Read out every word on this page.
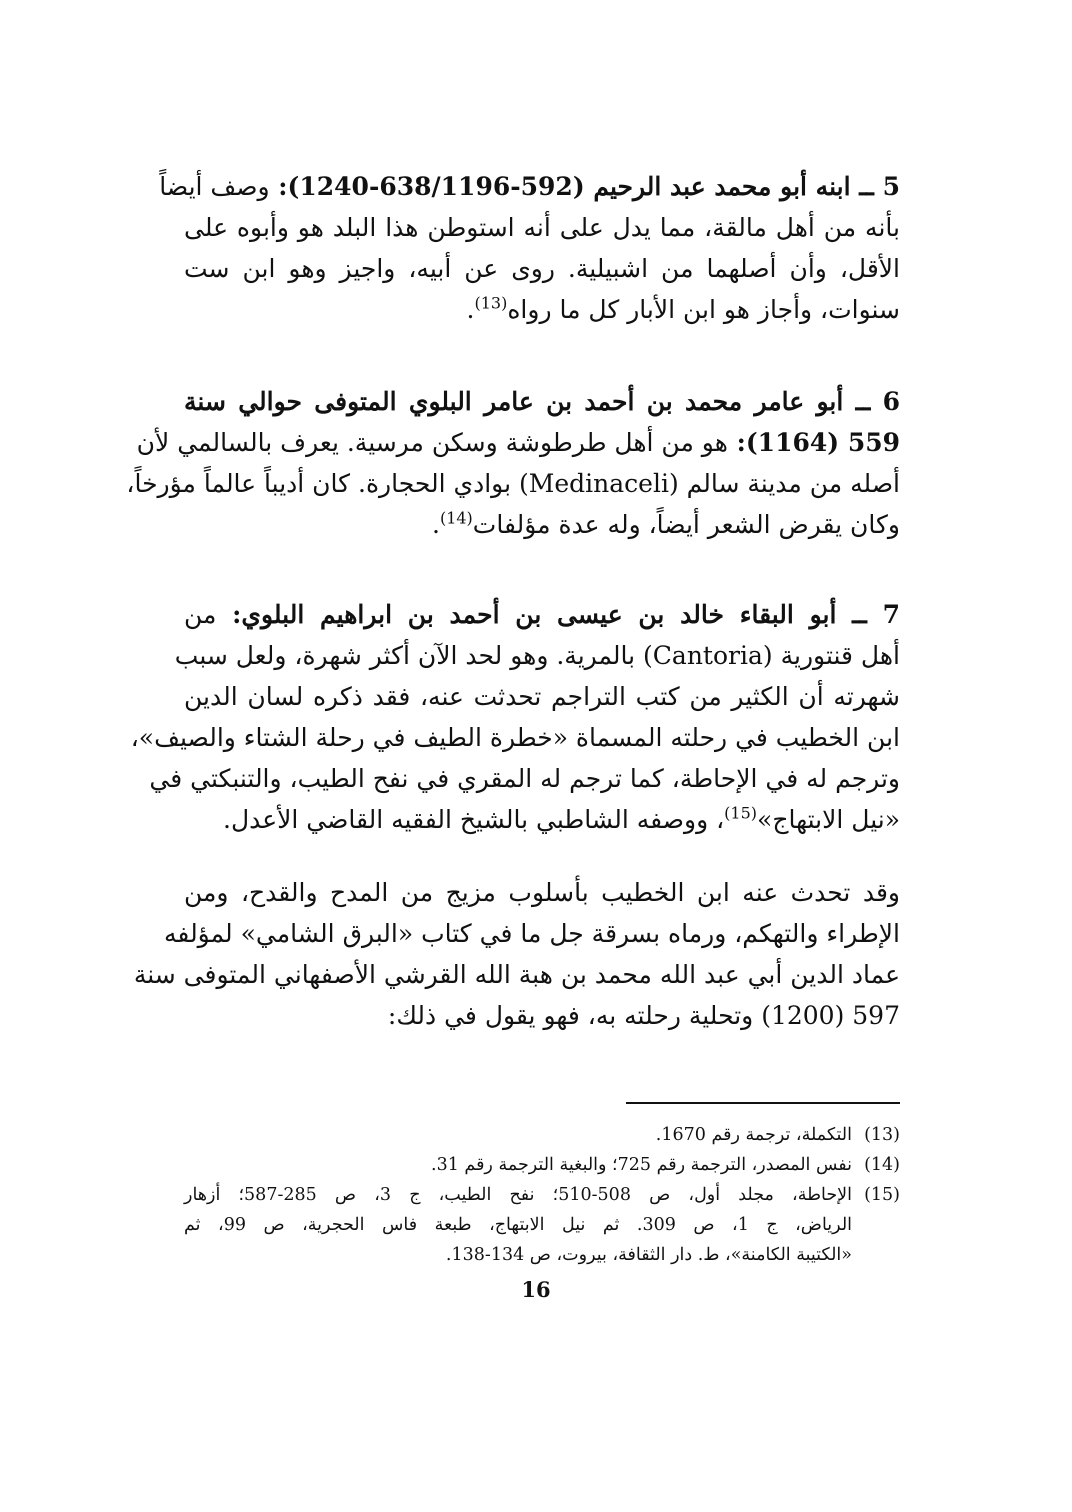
5 ــ ابنه أبو محمد عبد الرحيم (592-638/1196-1240): وصف أيضاً
بأنه من أهل مالقة، مما يدل على أنه استوطن هذا البلد هو وأبوه على
الأقل، وأن أصلهما من اشبيلية. روى عن أبيه، واجيز وهو ابن ست
سنوات، وأجاز هو ابن الأبار كل ما رواه$^{(13)}$.
6 ــ أبو عامر محمد بن أحمد بن عامر البلوي المتوفى حوالي سنة
559 (1164): هو من أهل طرطوشة وسكن مرسية. يعرف بالسالمي لأن
أصله من مدينة سالم (Medinaceli) بوادي الحجارة. كان أديباً عالماً مؤرخاً،
وكان يقرض الشعر أيضاً، وله عدة مؤلفات$^{(14)}$.
7 ــ أبو البقاء خالد بن عيسى بن أحمد بن ابراهيم البلوي: من
أهل قنتورية (Cantoria) بالمرية. وهو لحد الآن أكثر شهرة، ولعل سبب
شهرته أن الكثير من كتب التراجم تحدثت عنه، فقد ذكره لسان الدين
ابن الخطيب في رحلته المسماة «خطرة الطيف في رحلة الشتاء والصيف»،
وترجم له في الإحاطة، كما ترجم له المقري في نفح الطيب، والتنبكتي في
«نيل الابتهاج»$^{(15)}$، ووصفه الشاطبي بالشيخ الفقيه القاضي الأعدل.
وقد تحدث عنه ابن الخطيب بأسلوب مزيج من المدح والقدح، ومن
الإطراء والتهكم، ورماه بسرقة جل ما في كتاب «البرق الشامي» لمؤلفه
عماد الدين أبي عبد الله محمد بن هبة الله القرشي الأصفهاني المتوفى سنة
597 (1200) وتحلية رحلته به، فهو يقول في ذلك:
(13)
التكملة، ترجمة رقم 1670.
(14)
نفس المصدر، الترجمة رقم 725؛ والبغية الترجمة رقم 31.
(15)
الإحاطة، مجلد أول، ص 508-510؛ نفح الطيب، ج 3، ص 285-587؛ أزهار
الرياض، ج 1، ص 309. ثم نيل الابتهاج، طبعة فاس الحجرية، ص 99، ثم
«الكتيبة الكامنة»، ط. دار الثقافة، بيروت، ص 134-138.
16
